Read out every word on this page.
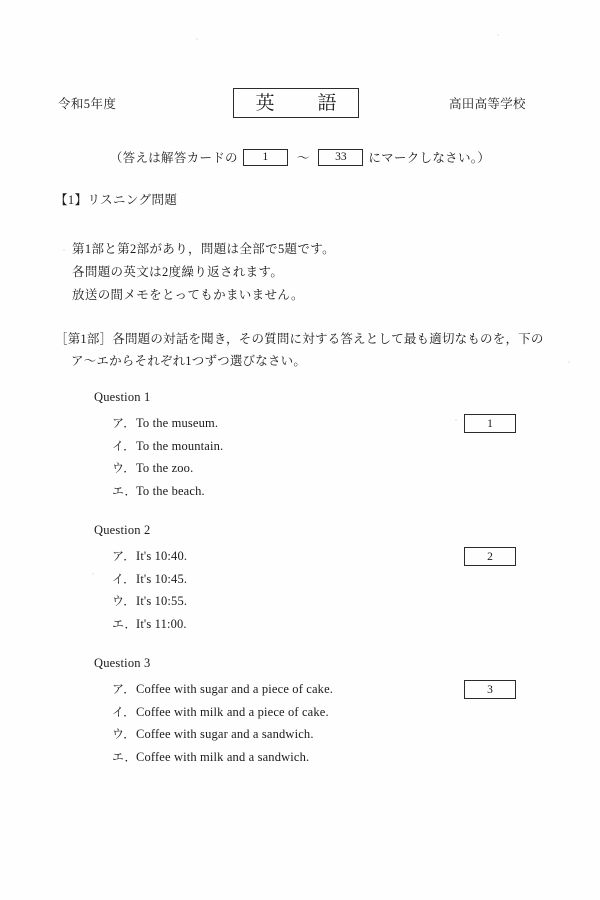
令和5年度	英　語	高田高等学校
（答えは解答カードの	1	～	33	にマークしなさい。）
【1】リスニング問題
第1部と第2部があり，問題は全部で5題です。
各問題の英文は2度繰り返されます。
放送の間メモをとってもかまいません。
［第1部］各問題の対話を聞き，その質問に対する答えとして最も適切なものを，下の
ア～エからそれぞれ1つずつ選びなさい。
Question 1
ア．To the museum.
イ．To the mountain.
ウ．To the zoo.
エ．To the beach.
1
Question 2
ア．It's 10:40.
イ．It's 10:45.
ウ．It's 10:55.
エ．It's 11:00.
2
Question 3
ア．Coffee with sugar and a piece of cake.
イ．Coffee with milk and a piece of cake.
ウ．Coffee with sugar and a sandwich.
エ．Coffee with milk and a sandwich.
3
